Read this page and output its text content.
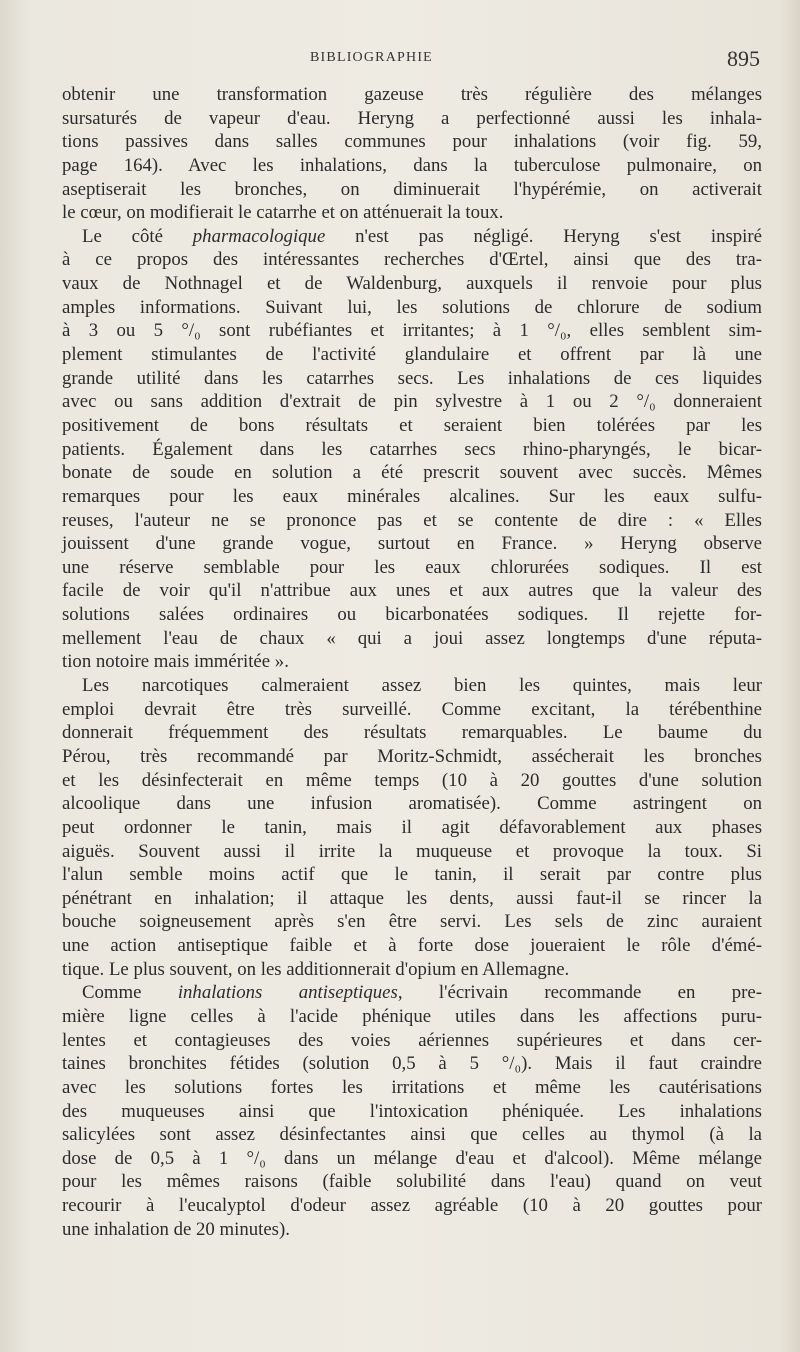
BIBLIOGRAPHIE	895
obtenir une transformation gazeuse très régulière des mélanges
sursaturés de vapeur d'eau. Heryng a perfectionné aussi les inhala-
tions passives dans salles communes pour inhalations (voir fig. 59,
page 164). Avec les inhalations, dans la tuberculose pulmonaire, on
aseptiserait les bronches, on diminuerait l'hypérémie, on activerait
le cœur, on modifierait le catarrhe et on atténuerait la toux.
Le côté pharmacologique n'est pas négligé. Heryng s'est inspiré
à ce propos des intéressantes recherches d'Œrtel, ainsi que des tra-
vaux de Nothnagel et de Waldenburg, auxquels il renvoie pour plus
amples informations. Suivant lui, les solutions de chlorure de sodium
à 3 ou 5 °/₀ sont rubéfiantes et irritantes; à 1 °/₀, elles semblent sim-
plement stimulantes de l'activité glandulaire et offrent par là une
grande utilité dans les catarrhes secs. Les inhalations de ces liquides
avec ou sans addition d'extrait de pin sylvestre à 1 ou 2 °/₀ donneraient
positivement de bons résultats et seraient bien tolérées par les
patients. Également dans les catarrhes secs rhino-pharyngés, le bicar-
bonate de soude en solution a été prescrit souvent avec succès. Mêmes
remarques pour les eaux minérales alcalines. Sur les eaux sulfu-
reuses, l'auteur ne se prononce pas et se contente de dire : « Elles
jouissent d'une grande vogue, surtout en France. » Heryng observe
une réserve semblable pour les eaux chlorurées sodiques. Il est
facile de voir qu'il n'attribue aux unes et aux autres que la valeur des
solutions salées ordinaires ou bicarbonatées sodiques. Il rejette for-
mellement l'eau de chaux « qui a joui assez longtemps d'une réputa-
tion notoire mais imméritée ».
Les narcotiques calmeraient assez bien les quintes, mais leur
emploi devrait être très surveillé. Comme excitant, la térébenthine
donnerait fréquemment des résultats remarquables. Le baume du
Pérou, très recommandé par Moritz-Schmidt, assécherait les bronches
et les désinfecterait en même temps (10 à 20 gouttes d'une solution
alcoolique dans une infusion aromatisée). Comme astringent on
peut ordonner le tanin, mais il agit défavorablement aux phases
aiguës. Souvent aussi il irrite la muqueuse et provoque la toux. Si
l'alun semble moins actif que le tanin, il serait par contre plus
pénétrant en inhalation; il attaque les dents, aussi faut-il se rincer la
bouche soigneusement après s'en être servi. Les sels de zinc auraient
une action antiseptique faible et à forte dose joueraient le rôle d'émé-
tique. Le plus souvent, on les additionnerait d'opium en Allemagne.
Comme inhalations antiseptiques, l'écrivain recommande en pre-
mière ligne celles à l'acide phénique utiles dans les affections puru-
lentes et contagieuses des voies aériennes supérieures et dans cer-
taines bronchites fétides (solution 0,5 à 5 °/₀). Mais il faut craindre
avec les solutions fortes les irritations et même les cautérisations
des muqueuses ainsi que l'intoxication phéniquée. Les inhalations
salicylées sont assez désinfectantes ainsi que celles au thymol (à la
dose de 0,5 à 1 °/₀ dans un mélange d'eau et d'alcool). Même mélange
pour les mêmes raisons (faible solubilité dans l'eau) quand on veut
recourir à l'eucalyptol d'odeur assez agréable (10 à 20 gouttes pour
une inhalation de 20 minutes).
